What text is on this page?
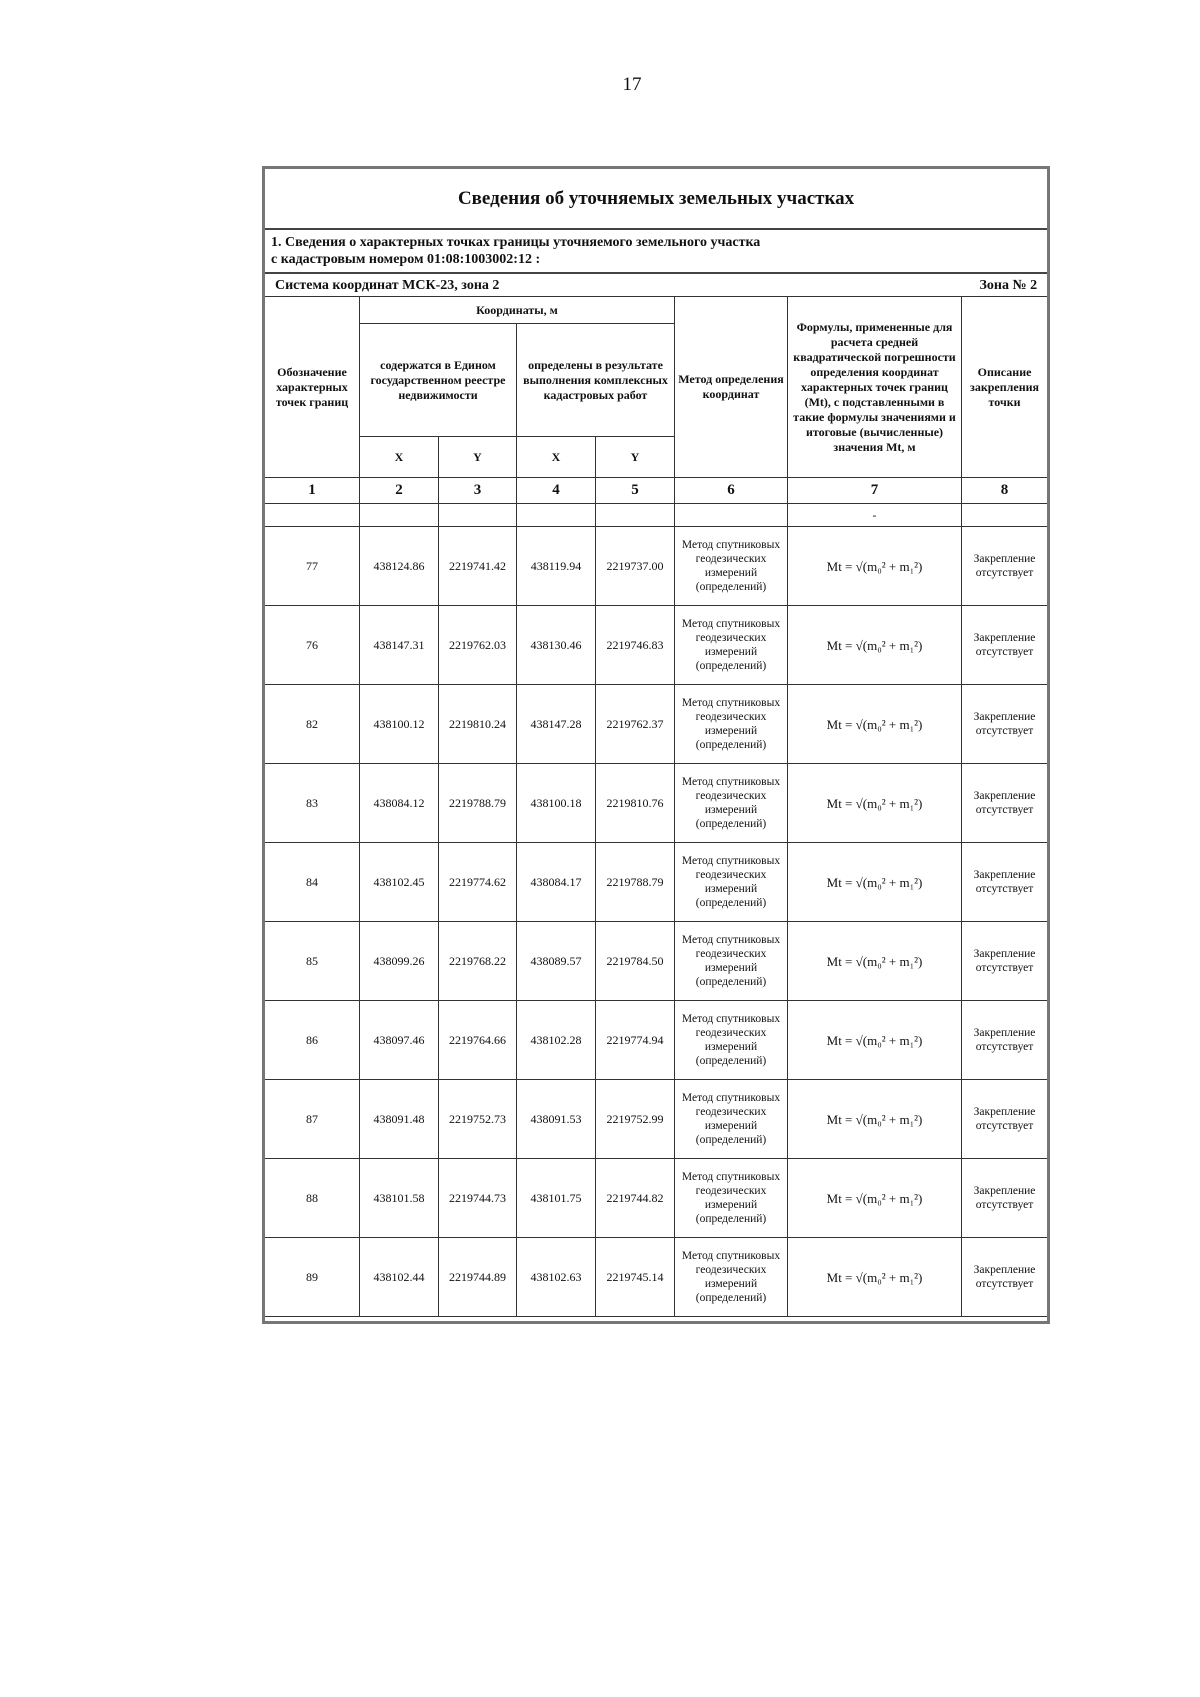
17
Сведения об уточняемых земельных участках							

1. Сведения о характерных точках границы уточняемого земельного участка
с кадастровым номером 01:08:1003002:12 :							

Система координат МСК-23, зона 2 Зона № 2							

Обозначение характерных точек границ	Координаты, м				Метод определения координат	Формулы, примененные для расчета средней квадратической погрешности определения координат характерных точек границ (Mt), с подставленными в такие формулы значениями и итоговые (вычисленные) значения Mt, м	Описание закрепления точки
	содержатся в Едином государственном реестре недвижимости		определены в результате выполнения комплексных кадастровых работ				
	X	Y	X	Y			
1	2	3	4	5	6	7	8
						-	
77	438124.86	2219741.42	438119.94	2219737.00	Метод спутниковых геодезических измерений (определений)	Mt = √(m₀² + m₁²)	Закрепление отсутствует
76	438147.31	2219762.03	438130.46	2219746.83	Метод спутниковых геодезических измерений (определений)	Mt = √(m₀² + m₁²)	Закрепление отсутствует
82	438100.12	2219810.24	438147.28	2219762.37	Метод спутниковых геодезических измерений (определений)	Mt = √(m₀² + m₁²)	Закрепление отсутствует
83	438084.12	2219788.79	438100.18	2219810.76	Метод спутниковых геодезических измерений (определений)	Mt = √(m₀² + m₁²)	Закрепление отсутствует
84	438102.45	2219774.62	438084.17	2219788.79	Метод спутниковых геодезических измерений (определений)	Mt = √(m₀² + m₁²)	Закрепление отсутствует
85	438099.26	2219768.22	438089.57	2219784.50	Метод спутниковых геодезических измерений (определений)	Mt = √(m₀² + m₁²)	Закрепление отсутствует
86	438097.46	2219764.66	438102.28	2219774.94	Метод спутниковых геодезических измерений (определений)	Mt = √(m₀² + m₁²)	Закрепление отсутствует
87	438091.48	2219752.73	438091.53	2219752.99	Метод спутниковых геодезических измерений (определений)	Mt = √(m₀² + m₁²)	Закрепление отсутствует
88	438101.58	2219744.73	438101.75	2219744.82	Метод спутниковых геодезических измерений (определений)	Mt = √(m₀² + m₁²)	Закрепление отсутствует
89	438102.44	2219744.89	438102.63	2219745.14	Метод спутниковых геодезических измерений (определений)	Mt = √(m₀² + m₁²)	Закрепление отсутствует
